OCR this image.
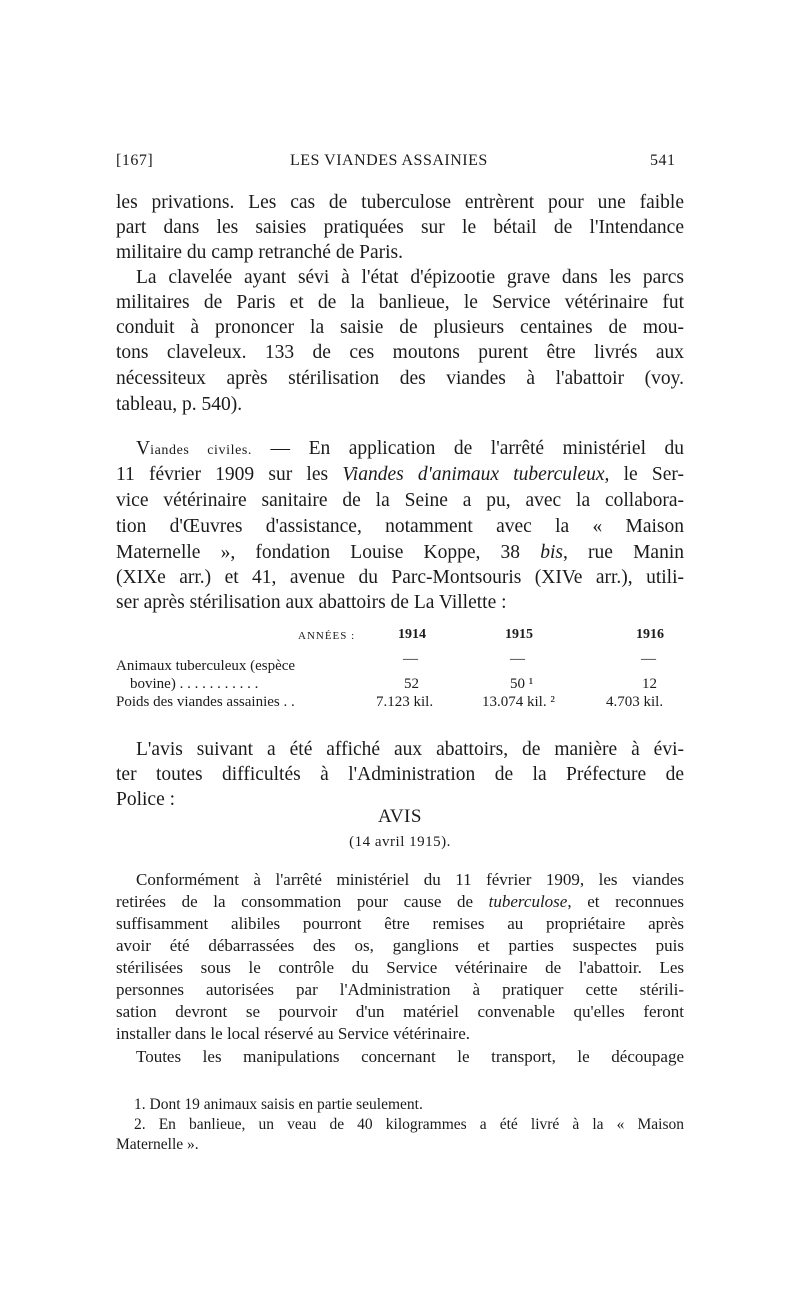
[167]	LES VIANDES ASSAINIES	541
les privations. Les cas de tuberculose entrèrent pour une faible
part dans les saisies pratiquées sur le bétail de l'Intendance
militaire du camp retranché de Paris.
La clavelée ayant sévi à l'état d'épizootie grave dans les parcs
militaires de Paris et de la banlieue, le Service vétérinaire fut
conduit à prononcer la saisie de plusieurs centaines de mou-
tons claveleux. 133 de ces moutons purent être livrés aux
nécessiteux après stérilisation des viandes à l'abattoir (voy.
tableau, p. 540).
Viandes civiles. — En application de l'arrêté ministériel du
11 février 1909 sur les Viandes d'animaux tuberculeux, le Ser-
vice vétérinaire sanitaire de la Seine a pu, avec la collabora-
tion d'Œuvres d'assistance, notamment avec la « Maison
Maternelle », fondation Louise Koppe, 38 bis, rue Manin
(XIXe arr.) et 41, avenue du Parc-Montsouris (XIVe arr.), utili-
ser après stérilisation aux abattoirs de La Villette :
ANNÉES :	1914	1915	1916
—	—	—
Animaux tuberculeux (espèce
bovine) . . . . . . . . . . .	52	50 ¹	12
Poids des viandes assainies . .	7.123 kil.	13.074 kil. ²	4.703 kil.
L'avis suivant a été affiché aux abattoirs, de manière à évi-
ter toutes difficultés à l'Administration de la Préfecture de
Police :
AVIS
(14 avril 1915).
Conformément à l'arrêté ministériel du 11 février 1909, les viandes
retirées de la consommation pour cause de tuberculose, et reconnues
suffisamment alibiles pourront être remises au propriétaire après
avoir été débarrassées des os, ganglions et parties suspectes puis
stérilisées sous le contrôle du Service vétérinaire de l'abattoir. Les
personnes autorisées par l'Administration à pratiquer cette stérili-
sation devront se pourvoir d'un matériel convenable qu'elles feront
installer dans le local réservé au Service vétérinaire.
Toutes les manipulations concernant le transport, le découpage
1. Dont 19 animaux saisis en partie seulement.
2. En banlieue, un veau de 40 kilogrammes a été livré à la « Maison
Maternelle ».
